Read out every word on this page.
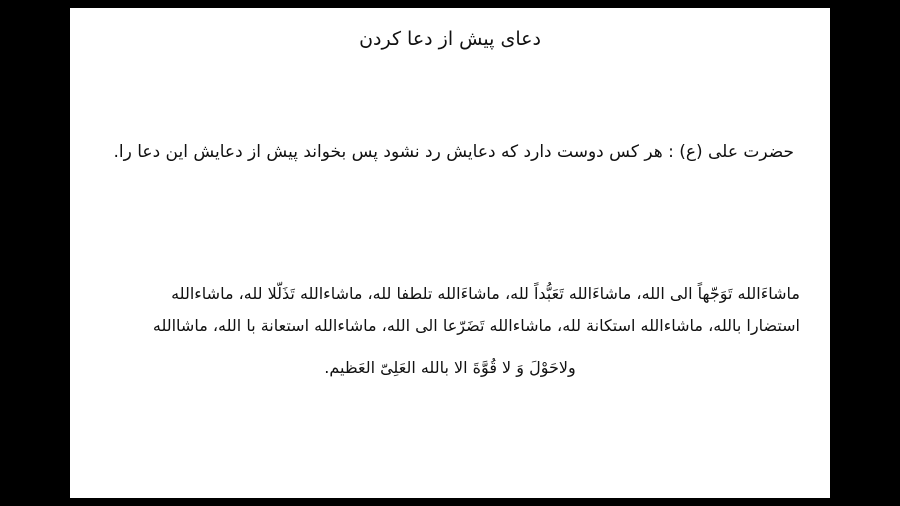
دعای پیش از دعا کردن
حضرت علی (ع) : هر کس دوست دارد که دعایش رد نشود پس بخواند پیش از دعایش این دعا را.
ماشاءَالله تَوَجّهاً الی الله، ماشاءَالله تَعَبُّداً لله، ماشاءَالله تلطفا لله، ماشاءالله تَذَلّلا لله، ماشاءالله
استضارا بالله، ماشاءالله استکانة لله، ماشاءالله تَضَرّعا الی الله، ماشاءالله استعانة با الله، ماشاالله
ولاحَوْلَ وَ لا قُوَّةَ الا بالله العَلِیّ العَظیم.
